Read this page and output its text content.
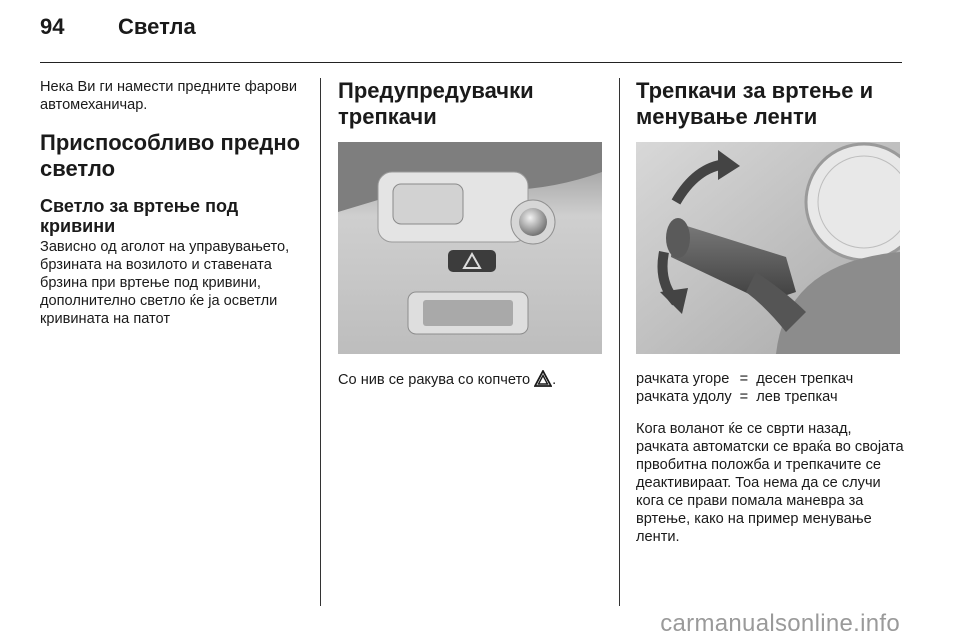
94 Светла

Нека Ви ги намести предните фарови автомеханичар.

Приспособливо предно светло
Светло за вртење под кривини

Зависно од аголот на управувањето, брзината на возилото и ставената брзина при вртење под кривини, дополнително светло ќе ја осветли кривината на патот

Предупредувачки трепкачи

Со нив се ракува со копчето .

Трепкачи за вртење и менување ленти
рачката угоре	=	десен трепкач
рачката удолу	=	лев трепкач

Кога воланот ќе се сврти назад, рачката автоматски се враќа во својата првобитна положба и трепкачите се деактивираат. Тоа нема да се случи кога се прави помала маневра за вртење, како на пример менување ленти.

carmanualsonline.info
